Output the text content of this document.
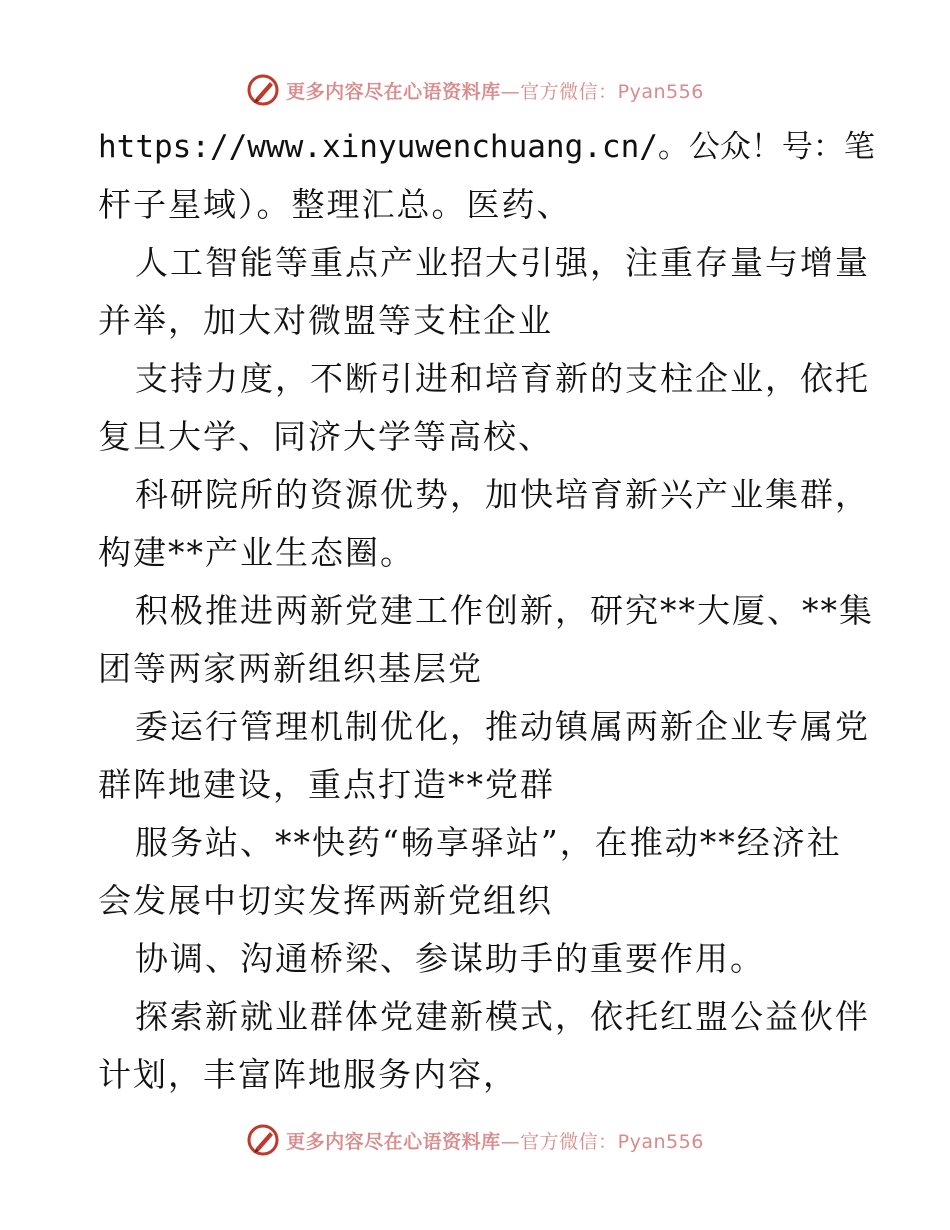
更多内容尽在心语资料库—官方微信：Pyan556
https://www.xinyuwenchuang.cn/。公众！号：笔
杆子星域）。整理汇总。医药、
人工智能等重点产业招大引强，注重存量与增量
并举，加大对微盟等支柱企业
支持力度，不断引进和培育新的支柱企业，依托
复旦大学、同济大学等高校、
科研院所的资源优势，加快培育新兴产业集群，
构建**产业生态圈。
积极推进两新党建工作创新，研究**大厦、**集
团等两家两新组织基层党
委运行管理机制优化，推动镇属两新企业专属党
群阵地建设，重点打造**党群
服务站、**快药“畅享驿站”，在推动**经济社
会发展中切实发挥两新党组织
协调、沟通桥梁、参谋助手的重要作用。
探索新就业群体党建新模式，依托红盟公益伙伴
计划，丰富阵地服务内容，
更多内容尽在心语资料库—官方微信：Pyan556
